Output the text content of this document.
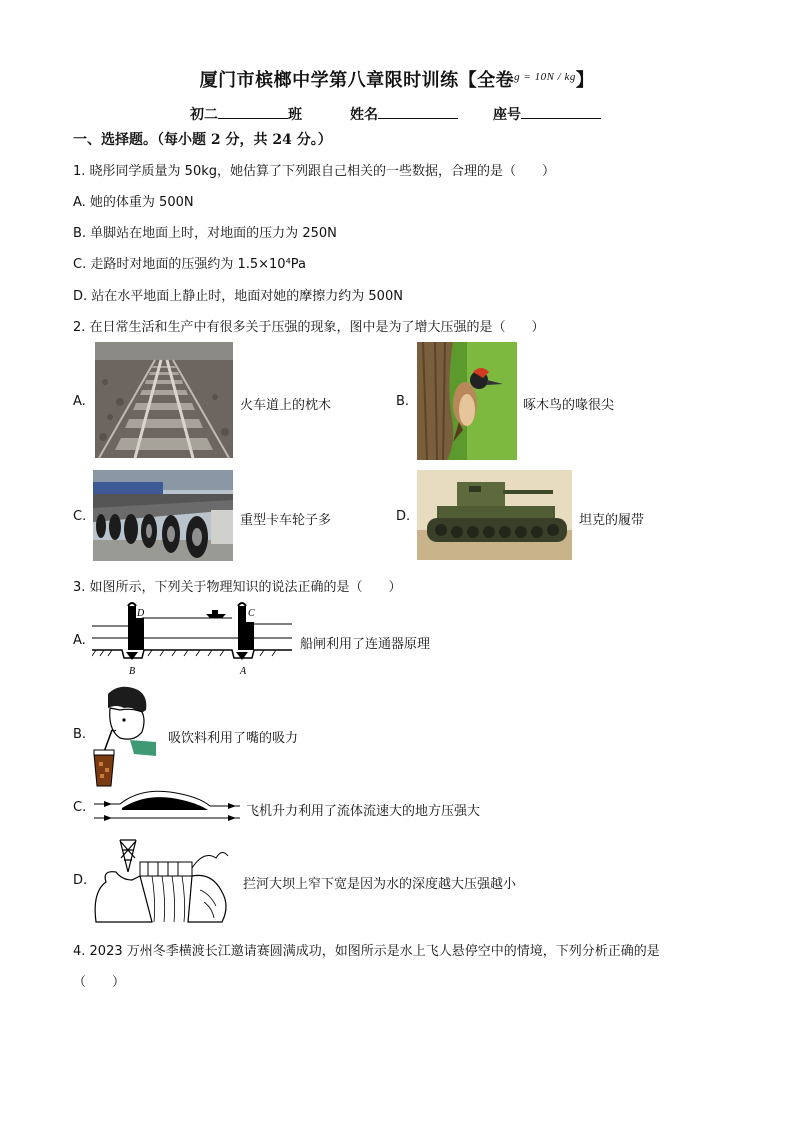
厦门市槟榔中学第八章限时训练【全卷$^{g = 10N / kg}$】
初二	班	姓名	座号
一、选择题。（每小题 2 分，共 24 分。）
1. 晓彤同学质量为 50kg，她估算了下列跟自己相关的一些数据，合理的是（　　）
A. 她的体重为 500N
B. 单脚站在地面上时，对地面的压力为 250N
C. 走路时对地面的压强约为 1.5×10⁴Pa
D. 站在水平地面上静止时，地面对她的摩擦力约为 500N
2. 在日常生活和生产中有很多关于压强的现象，图中是为了增大压强的是（　　）
A.	火车道上的枕木	B.	啄木鸟的喙很尖
C.	重型卡车轮子多	D.	坦克的履带
3. 如图所示，下列关于物理知识的说法正确的是（　　）
A.
D	C
B	A
船闸利用了连通器原理
B.	吸饮料利用了嘴的吸力
C.	飞机升力利用了流体流速大的地方压强大
D.	拦河大坝上窄下宽是因为水的深度越大压强越小
4. 2023 万州冬季横渡长江邀请赛圆满成功，如图所示是水上飞人悬停空中的情境，下列分析正确的是
（　　）
